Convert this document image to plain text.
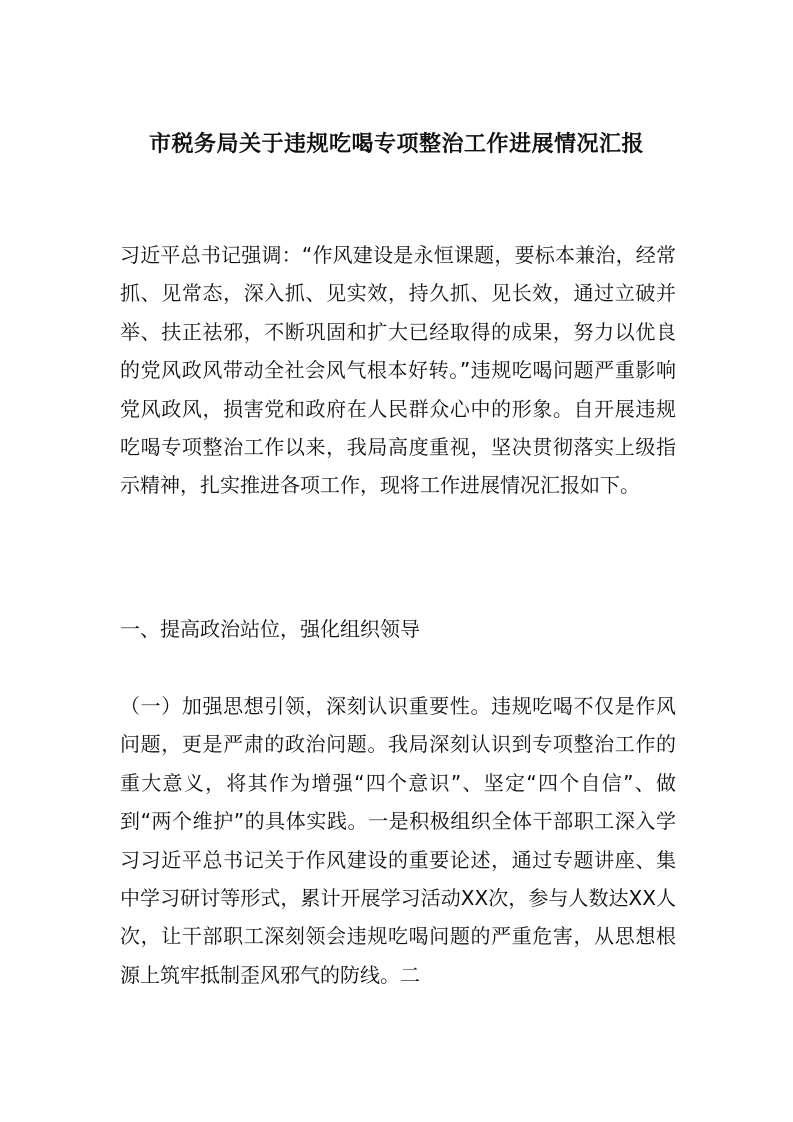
市税务局关于违规吃喝专项整治工作进展情况汇报

习近平总书记强调：“作风建设是永恒课题，要标本兼治，经常抓、见常态，深入抓、见实效，持久抓、见长效，通过立破并举、扶正祛邪，不断巩固和扩大已经取得的成果，努力以优良的党风政风带动全社会风气根本好转。”违规吃喝问题严重影响党风政风，损害党和政府在人民群众心中的形象。自开展违规吃喝专项整治工作以来，我局高度重视，坚决贯彻落实上级指示精神，扎实推进各项工作，现将工作进展情况汇报如下。

一、提高政治站位，强化组织领导

（一）加强思想引领，深刻认识重要性。违规吃喝不仅是作风问题，更是严肃的政治问题。我局深刻认识到专项整治工作的重大意义，将其作为增强“四个意识”、坚定“四个自信”、做到“两个维护”的具体实践。一是积极组织全体干部职工深入学习习近平总书记关于作风建设的重要论述，通过专题讲座、集中学习研讨等形式，累计开展学习活动XX次，参与人数达XX人次，让干部职工深刻领会违规吃喝问题的严重危害，从思想根源上筑牢抵制歪风邪气的防线。二
